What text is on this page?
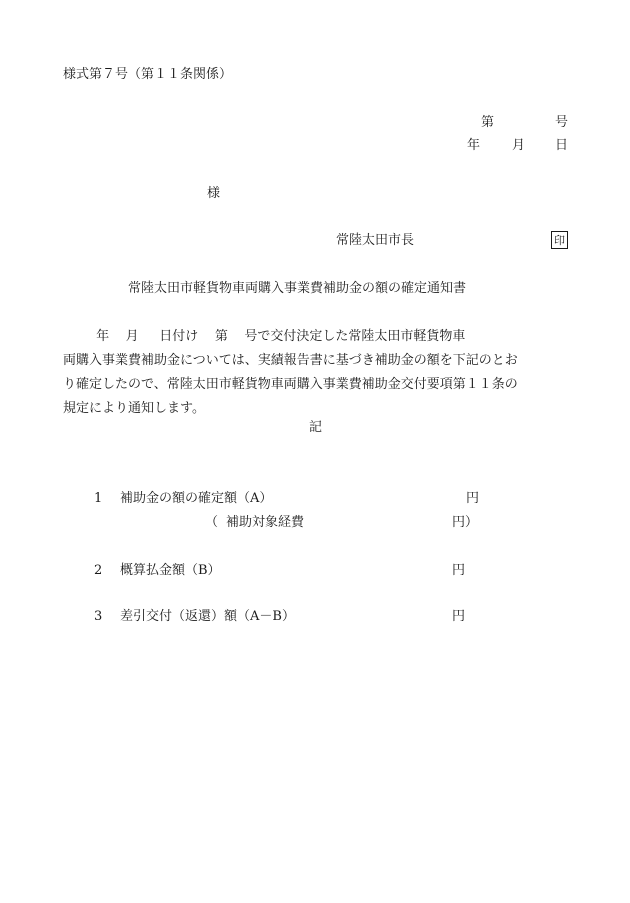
様式第７号（第１１条関係）
第	号
年 月 日
様
常陸太田市長	印
常陸太田市軽貨物車両購入事業費補助金の額の確定通知書
年 月 日付け 第 号で交付決定した常陸太田市軽貨物車
両購入事業費補助金については、実績報告書に基づき補助金の額を下記のとお
り確定したので、常陸太田市軽貨物車両購入事業費補助金交付要項第１１条の
規定により通知します。
記
1 補助金の額の確定額（A）	円
（ 補助対象経費	円）
2 概算払金額（B）	円
3 差引交付（返還）額（A－B）	円
